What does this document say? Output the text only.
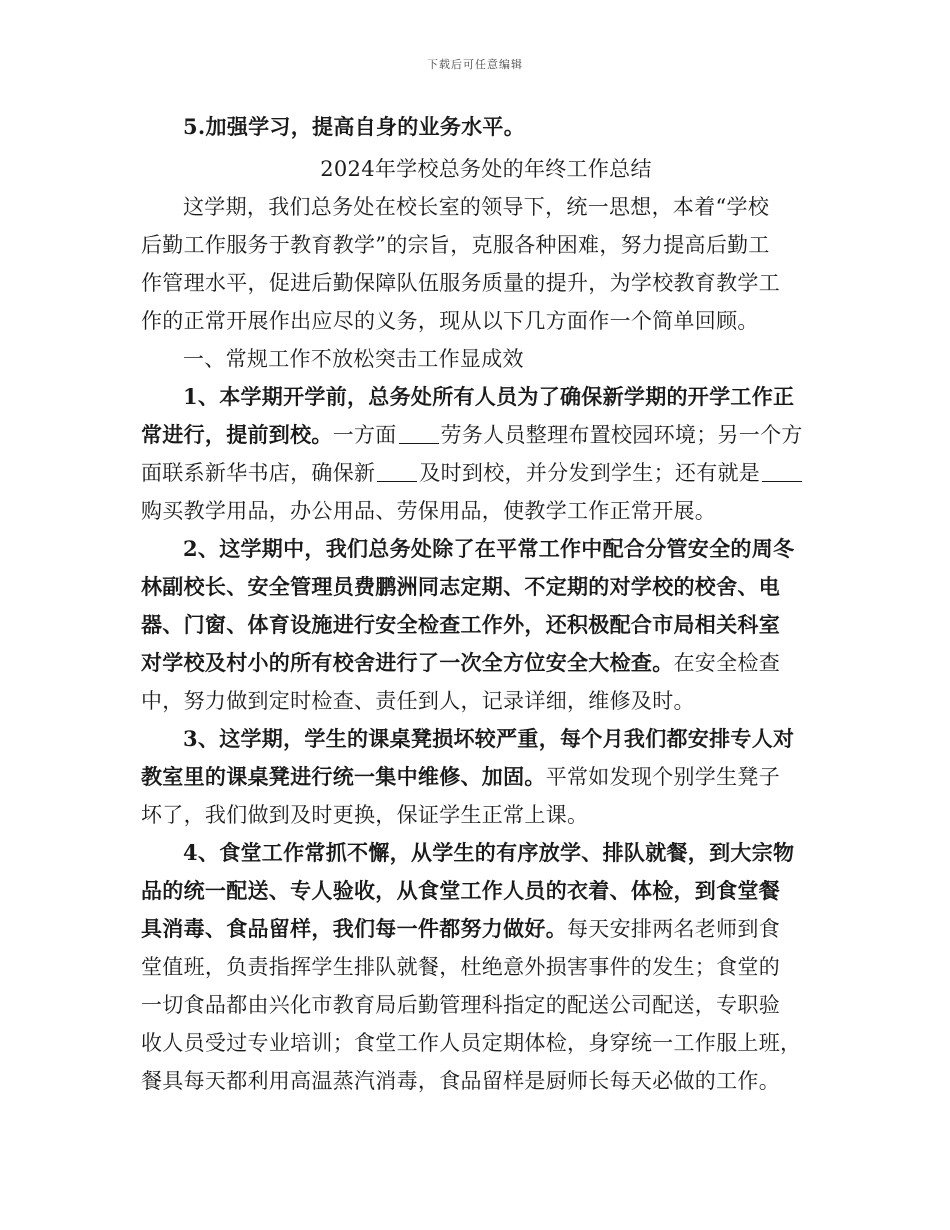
下载后可任意编辑

5.加强学习，提高自身的业务水平。

2024年学校总务处的年终工作总结

这学期，我们总务处在校长室的领导下，统一思想，本着“学校

后勤工作服务于教育教学”的宗旨，克服各种困难，努力提高后勤工

作管理水平，促进后勤保障队伍服务质量的提升，为学校教育教学工

作的正常开展作出应尽的义务，现从以下几方面作一个简单回顾。

一、常规工作不放松突击工作显成效

1、本学期开学前，总务处所有人员为了确保新学期的开学工作正

常进行，提前到校。一方面 劳务人员整理布置校园环境；另一个方

面联系新华书店，确保新 及时到校，并分发到学生；还有就是

购买教学用品，办公用品、劳保用品，使教学工作正常开展。

2、这学期中，我们总务处除了在平常工作中配合分管安全的周冬

林副校长、安全管理员费鹏洲同志定期、不定期的对学校的校舍、电

器、门窗、体育设施进行安全检查工作外，还积极配合市局相关科室

对学校及村小的所有校舍进行了一次全方位安全大检查。在安全检查

中，努力做到定时检查、责任到人，记录详细，维修及时。

3、这学期，学生的课桌凳损坏较严重，每个月我们都安排专人对

教室里的课桌凳进行统一集中维修、加固。平常如发现个别学生凳子

坏了，我们做到及时更换，保证学生正常上课。

4、食堂工作常抓不懈，从学生的有序放学、排队就餐，到大宗物

品的统一配送、专人验收，从食堂工作人员的衣着、体检，到食堂餐

具消毒、食品留样，我们每一件都努力做好。每天安排两名老师到食

堂值班，负责指挥学生排队就餐，杜绝意外损害事件的发生；食堂的

一切食品都由兴化市教育局后勤管理科指定的配送公司配送，专职验

收人员受过专业培训；食堂工作人员定期体检，身穿统一工作服上班，

餐具每天都利用高温蒸汽消毒，食品留样是厨师长每天必做的工作。
